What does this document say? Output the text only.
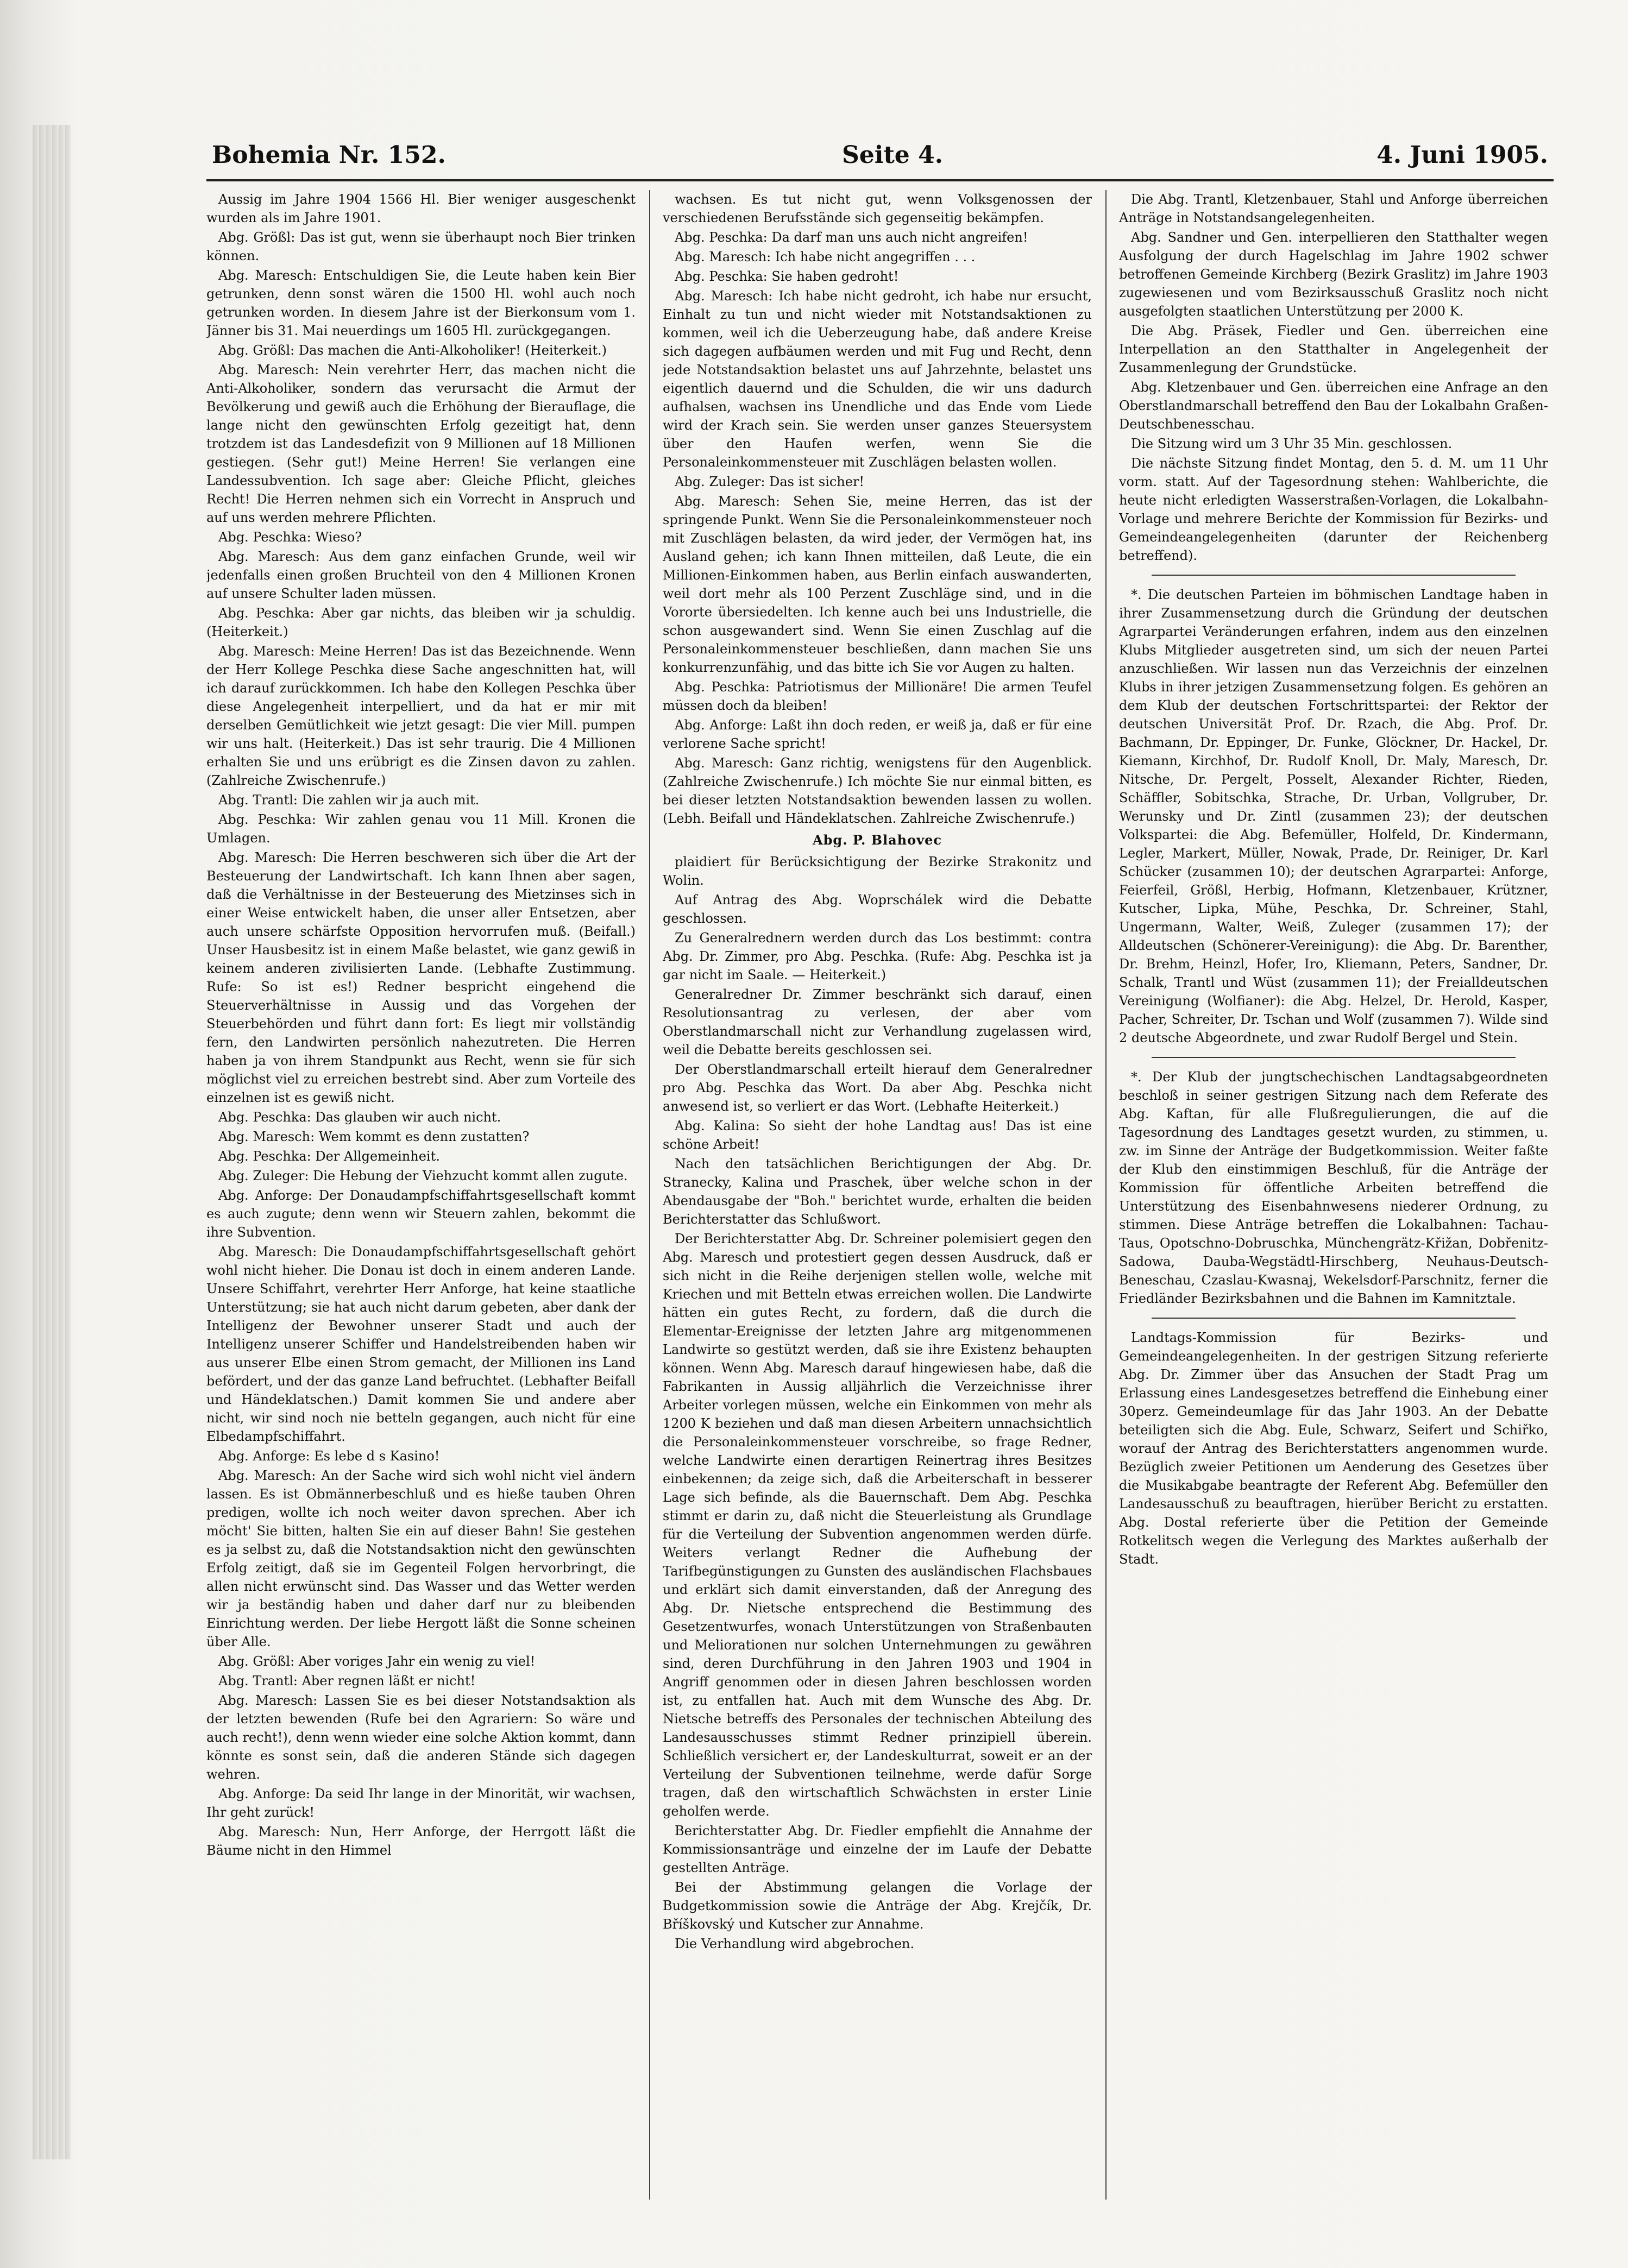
Bohemia Nr. 152.	Seite 4.	4. Juni 1905.

Aussig im Jahre 1904 1566 Hl. Bier weniger ausgeschenkt wurden als im Jahre 1901.

Abg. Größl: Das ist gut, wenn sie überhaupt noch Bier trinken können.

Abg. Maresch: Entschuldigen Sie, die Leute haben kein Bier getrunken, denn sonst wären die 1500 Hl. wohl auch noch getrunken worden. In diesem Jahre ist der Bierkonsum vom 1. Jänner bis 31. Mai neuerdings um 1605 Hl. zurückgegangen.

Abg. Größl: Das machen die Anti-Alkoholiker! (Heiterkeit.)

Abg. Maresch: Nein verehrter Herr, das machen nicht die Anti-Alkoholiker, sondern das verursacht die Armut der Bevölkerung und gewiß auch die Erhöhung der Bierauflage, die lange nicht den gewünschten Erfolg gezeitigt hat, denn trotzdem ist das Landesdefizit von 9 Millionen auf 18 Millionen gestiegen. (Sehr gut!) Meine Herren! Sie verlangen eine Landessubvention. Ich sage aber: Gleiche Pflicht, gleiches Recht! Die Herren nehmen sich ein Vorrecht in Anspruch und auf uns werden mehrere Pflichten.

Abg. Peschka: Wieso?

Abg. Maresch: Aus dem ganz einfachen Grunde, weil wir jedenfalls einen großen Bruchteil von den 4 Millionen Kronen auf unsere Schulter laden müssen.

Abg. Peschka: Aber gar nichts, das bleiben wir ja schuldig. (Heiterkeit.)

Abg. Maresch: Meine Herren! Das ist das Bezeichnende. Wenn der Herr Kollege Peschka diese Sache angeschnitten hat, will ich darauf zurückkommen. Ich habe den Kollegen Peschka über diese Angelegenheit interpelliert, und da hat er mir mit derselben Gemütlichkeit wie jetzt gesagt: Die vier Mill. pumpen wir uns halt. (Heiterkeit.) Das ist sehr traurig. Die 4 Millionen erhalten Sie und uns erübrigt es die Zinsen davon zu zahlen. (Zahlreiche Zwischenrufe.)

Abg. Trantl: Die zahlen wir ja auch mit.

Abg. Peschka: Wir zahlen genau vou 11 Mill. Kronen die Umlagen.

Abg. Maresch: Die Herren beschweren sich über die Art der Besteuerung der Landwirtschaft. Ich kann Ihnen aber sagen, daß die Verhältnisse in der Besteuerung des Mietzinses sich in einer Weise entwickelt haben, die unser aller Entsetzen, aber auch unsere schärfste Opposition hervorrufen muß. (Beifall.) Unser Hausbesitz ist in einem Maße belastet, wie ganz gewiß in keinem anderen zivilisierten Lande. (Lebhafte Zustimmung. Rufe: So ist es!) Redner bespricht eingehend die Steuerverhältnisse in Aussig und das Vorgehen der Steuerbehörden und führt dann fort: Es liegt mir vollständig fern, den Landwirten persönlich nahezutreten. Die Herren haben ja von ihrem Standpunkt aus Recht, wenn sie für sich möglichst viel zu erreichen bestrebt sind. Aber zum Vorteile des einzelnen ist es gewiß nicht.

Abg. Peschka: Das glauben wir auch nicht.

Abg. Maresch: Wem kommt es denn zustatten?

Abg. Peschka: Der Allgemeinheit.

Abg. Zuleger: Die Hebung der Viehzucht kommt allen zugute.

Abg. Anforge: Der Donaudampfschiffahrtsgesellschaft kommt es auch zugute; denn wenn wir Steuern zahlen, bekommt die ihre Subvention.

Abg. Maresch: Die Donaudampfschiffahrtsgesellschaft gehört wohl nicht hieher. Die Donau ist doch in einem anderen Lande. Unsere Schiffahrt, verehrter Herr Anforge, hat keine staatliche Unterstützung; sie hat auch nicht darum gebeten, aber dank der Intelligenz der Bewohner unserer Stadt und auch der Intelligenz unserer Schiffer und Handelstreibenden haben wir aus unserer Elbe einen Strom gemacht, der Millionen ins Land befördert, und der das ganze Land befruchtet. (Lebhafter Beifall und Händeklatschen.) Damit kommen Sie und andere aber nicht, wir sind noch nie betteln gegangen, auch nicht für eine Elbedampfschiffahrt.

Abg. Anforge: Es lebe d s Kasino!

Abg. Maresch: An der Sache wird sich wohl nicht viel ändern lassen. Es ist Obmännerbeschluß und es hieße tauben Ohren predigen, wollte ich noch weiter davon sprechen. Aber ich möcht' Sie bitten, halten Sie ein auf dieser Bahn! Sie gestehen es ja selbst zu, daß die Notstandsaktion nicht den gewünschten Erfolg zeitigt, daß sie im Gegenteil Folgen hervorbringt, die allen nicht erwünscht sind. Das Wasser und das Wetter werden wir ja beständig haben und daher darf nur zu bleibenden Einrichtung werden. Der liebe Hergott läßt die Sonne scheinen über Alle.

Abg. Größl: Aber voriges Jahr ein wenig zu viel!

Abg. Trantl: Aber regnen läßt er nicht!

Abg. Maresch: Lassen Sie es bei dieser Notstandsaktion als der letzten bewenden (Rufe bei den Agrariern: So wäre und auch recht!), denn wenn wieder eine solche Aktion kommt, dann könnte es sonst sein, daß die anderen Stände sich dagegen wehren.

Abg. Anforge: Da seid Ihr lange in der Minorität, wir wachsen, Ihr geht zurück!

Abg. Maresch: Nun, Herr Anforge, der Herrgott läßt die Bäume nicht in den Himmel

wachsen. Es tut nicht gut, wenn Volksgenossen der verschiedenen Berufsstände sich gegenseitig bekämpfen.

Abg. Peschka: Da darf man uns auch nicht angreifen!

Abg. Maresch: Ich habe nicht angegriffen . . .

Abg. Peschka: Sie haben gedroht!

Abg. Maresch: Ich habe nicht gedroht, ich habe nur ersucht, Einhalt zu tun und nicht wieder mit Notstandsaktionen zu kommen, weil ich die Ueberzeugung habe, daß andere Kreise sich dagegen aufbäumen werden und mit Fug und Recht, denn jede Notstandsaktion belastet uns auf Jahrzehnte, belastet uns eigentlich dauernd und die Schulden, die wir uns dadurch aufhalsen, wachsen ins Unendliche und das Ende vom Liede wird der Krach sein. Sie werden unser ganzes Steuersystem über den Haufen werfen, wenn Sie die Personaleinkommensteuer mit Zuschlägen belasten wollen.

Abg. Zuleger: Das ist sicher!

Abg. Maresch: Sehen Sie, meine Herren, das ist der springende Punkt. Wenn Sie die Personaleinkommensteuer noch mit Zuschlägen belasten, da wird jeder, der Vermögen hat, ins Ausland gehen; ich kann Ihnen mitteilen, daß Leute, die ein Millionen-Einkommen haben, aus Berlin einfach auswanderten, weil dort mehr als 100 Perzent Zuschläge sind, und in die Vororte übersiedelten. Ich kenne auch bei uns Industrielle, die schon ausgewandert sind. Wenn Sie einen Zuschlag auf die Personaleinkommensteuer beschließen, dann machen Sie uns konkurrenzunfähig, und das bitte ich Sie vor Augen zu halten.

Abg. Peschka: Patriotismus der Millionäre! Die armen Teufel müssen doch da bleiben!

Abg. Anforge: Laßt ihn doch reden, er weiß ja, daß er für eine verlorene Sache spricht!

Abg. Maresch: Ganz richtig, wenigstens für den Augenblick. (Zahlreiche Zwischenrufe.) Ich möchte Sie nur einmal bitten, es bei dieser letzten Notstandsaktion bewenden lassen zu wollen. (Lebh. Beifall und Händeklatschen. Zahlreiche Zwischenrufe.)

Abg. P. Blahovec

plaidiert für Berücksichtigung der Bezirke Strakonitz und Wolin.

Auf Antrag des Abg. Woprschálek wird die Debatte geschlossen.

Zu Generalrednern werden durch das Los bestimmt: contra Abg. Dr. Zimmer, pro Abg. Peschka. (Rufe: Abg. Peschka ist ja gar nicht im Saale. — Heiterkeit.)

Generalredner Dr. Zimmer beschränkt sich darauf, einen Resolutionsantrag zu verlesen, der aber vom Oberstlandmarschall nicht zur Verhandlung zugelassen wird, weil die Debatte bereits geschlossen sei.

Der Oberstlandmarschall erteilt hierauf dem Generalredner pro Abg. Peschka das Wort. Da aber Abg. Peschka nicht anwesend ist, so verliert er das Wort. (Lebhafte Heiterkeit.)

Abg. Kalina: So sieht der hohe Landtag aus! Das ist eine schöne Arbeit!

Nach den tatsächlichen Berichtigungen der Abg. Dr. Stranecky, Kalina und Praschek, über welche schon in der Abendausgabe der "Boh." berichtet wurde, erhalten die beiden Berichterstatter das Schlußwort.

Der Berichterstatter Abg. Dr. Schreiner polemisiert gegen den Abg. Maresch und protestiert gegen dessen Ausdruck, daß er sich nicht in die Reihe derjenigen stellen wolle, welche mit Kriechen und mit Betteln etwas erreichen wollen. Die Landwirte hätten ein gutes Recht, zu fordern, daß die durch die Elementar-Ereignisse der letzten Jahre arg mitgenommenen Landwirte so gestützt werden, daß sie ihre Existenz behaupten können. Wenn Abg. Maresch darauf hingewiesen habe, daß die Fabrikanten in Aussig alljährlich die Verzeichnisse ihrer Arbeiter vorlegen müssen, welche ein Einkommen von mehr als 1200 K beziehen und daß man diesen Arbeitern unnachsichtlich die Personaleinkommensteuer vorschreibe, so frage Redner, welche Landwirte einen derartigen Reinertrag ihres Besitzes einbekennen; da zeige sich, daß die Arbeiterschaft in besserer Lage sich befinde, als die Bauernschaft. Dem Abg. Peschka stimmt er darin zu, daß nicht die Steuerleistung als Grundlage für die Verteilung der Subvention angenommen werden dürfe. Weiters verlangt Redner die Aufhebung der Tarifbegünstigungen zu Gunsten des ausländischen Flachsbaues und erklärt sich damit einverstanden, daß der Anregung des Abg. Dr. Nietsche entsprechend die Bestimmung des Gesetzentwurfes, wonach Unterstützungen von Straßenbauten und Meliorationen nur solchen Unternehmungen zu gewähren sind, deren Durchführung in den Jahren 1903 und 1904 in Angriff genommen oder in diesen Jahren beschlossen worden ist, zu entfallen hat. Auch mit dem Wunsche des Abg. Dr. Nietsche betreffs des Personales der technischen Abteilung des Landesausschusses stimmt Redner prinzipiell überein. Schließlich versichert er, der Landeskulturrat, soweit er an der Verteilung der Subventionen teilnehme, werde dafür Sorge tragen, daß den wirtschaftlich Schwächsten in erster Linie geholfen werde.

Berichterstatter Abg. Dr. Fiedler empfiehlt die Annahme der Kommissionsanträge und einzelne der im Laufe der Debatte gestellten Anträge.

Bei der Abstimmung gelangen die Vorlage der Budgetkommission sowie die Anträge der Abg. Krejčík, Dr. Bříškovský und Kutscher zur Annahme.

Die Verhandlung wird abgebrochen.

Die Abg. Trantl, Kletzenbauer, Stahl und Anforge überreichen Anträge in Notstandsangelegenheiten.

Abg. Sandner und Gen. interpellieren den Statthalter wegen Ausfolgung der durch Hagelschlag im Jahre 1902 schwer betroffenen Gemeinde Kirchberg (Bezirk Graslitz) im Jahre 1903 zugewiesenen und vom Bezirksausschuß Graslitz noch nicht ausgefolgten staatlichen Unterstützung per 2000 K.

Die Abg. Präsek, Fiedler und Gen. überreichen eine Interpellation an den Statthalter in Angelegenheit der Zusammenlegung der Grundstücke.

Abg. Kletzenbauer und Gen. überreichen eine Anfrage an den Oberstlandmarschall betreffend den Bau der Lokalbahn Graßen-Deutschbenesschau.

Die Sitzung wird um 3 Uhr 35 Min. geschlossen.

Die nächste Sitzung findet Montag, den 5. d. M. um 11 Uhr vorm. statt. Auf der Tagesordnung stehen: Wahlberichte, die heute nicht erledigten Wasserstraßen-Vorlagen, die Lokalbahn-Vorlage und mehrere Berichte der Kommission für Bezirks- und Gemeindeangelegenheiten (darunter der Reichenberg betreffend).

*. Die deutschen Parteien im böhmischen Landtage haben in ihrer Zusammensetzung durch die Gründung der deutschen Agrarpartei Veränderungen erfahren, indem aus den einzelnen Klubs Mitglieder ausgetreten sind, um sich der neuen Partei anzuschließen. Wir lassen nun das Verzeichnis der einzelnen Klubs in ihrer jetzigen Zusammensetzung folgen. Es gehören an dem Klub der deutschen Fortschrittspartei: der Rektor der deutschen Universität Prof. Dr. Rzach, die Abg. Prof. Dr. Bachmann, Dr. Eppinger, Dr. Funke, Glöckner, Dr. Hackel, Dr. Kiemann, Kirchhof, Dr. Rudolf Knoll, Dr. Maly, Maresch, Dr. Nitsche, Dr. Pergelt, Posselt, Alexander Richter, Rieden, Schäffler, Sobitschka, Strache, Dr. Urban, Vollgruber, Dr. Werunsky und Dr. Zintl (zusammen 23); der deutschen Volkspartei: die Abg. Befemüller, Holfeld, Dr. Kindermann, Legler, Markert, Müller, Nowak, Prade, Dr. Reiniger, Dr. Karl Schücker (zusammen 10); der deutschen Agrarpartei: Anforge, Feierfeil, Größl, Herbig, Hofmann, Kletzenbauer, Krützner, Kutscher, Lipka, Mühe, Peschka, Dr. Schreiner, Stahl, Ungermann, Walter, Weiß, Zuleger (zusammen 17); der Alldeutschen (Schönerer-Vereinigung): die Abg. Dr. Barenther, Dr. Brehm, Heinzl, Hofer, Iro, Kliemann, Peters, Sandner, Dr. Schalk, Trantl und Wüst (zusammen 11); der Freialldeutschen Vereinigung (Wolfianer): die Abg. Helzel, Dr. Herold, Kasper, Pacher, Schreiter, Dr. Tschan und Wolf (zusammen 7). Wilde sind 2 deutsche Abgeordnete, und zwar Rudolf Bergel und Stein.

*. Der Klub der jungtschechischen Landtagsabgeordneten beschloß in seiner gestrigen Sitzung nach dem Referate des Abg. Kaftan, für alle Flußregulierungen, die auf die Tagesordnung des Landtages gesetzt wurden, zu stimmen, u. zw. im Sinne der Anträge der Budgetkommission. Weiter faßte der Klub den einstimmigen Beschluß, für die Anträge der Kommission für öffentliche Arbeiten betreffend die Unterstützung des Eisenbahnwesens niederer Ordnung, zu stimmen. Diese Anträge betreffen die Lokalbahnen: Tachau-Taus, Opotschno-Dobruschka, Münchengrätz-Křižan, Dobřenitz-Sadowa, Dauba-Wegstädtl-Hirschberg, Neuhaus-Deutsch-Beneschau, Czaslau-Kwasnaj, Wekelsdorf-Parschnitz, ferner die Friedländer Bezirksbahnen und die Bahnen im Kamnitztale.

Landtags-Kommission für Bezirks- und Gemeindeangelegenheiten. In der gestrigen Sitzung referierte Abg. Dr. Zimmer über das Ansuchen der Stadt Prag um Erlassung eines Landesgesetzes betreffend die Einhebung einer 30perz. Gemeindeumlage für das Jahr 1903. An der Debatte beteiligten sich die Abg. Eule, Schwarz, Seifert und Schiřko, worauf der Antrag des Berichterstatters angenommen wurde. Bezüglich zweier Petitionen um Aenderung des Gesetzes über die Musikabgabe beantragte der Referent Abg. Befemüller den Landesausschuß zu beauftragen, hierüber Bericht zu erstatten. Abg. Dostal referierte über die Petition der Gemeinde Rotkelitsch wegen die Verlegung des Marktes außerhalb der Stadt.
